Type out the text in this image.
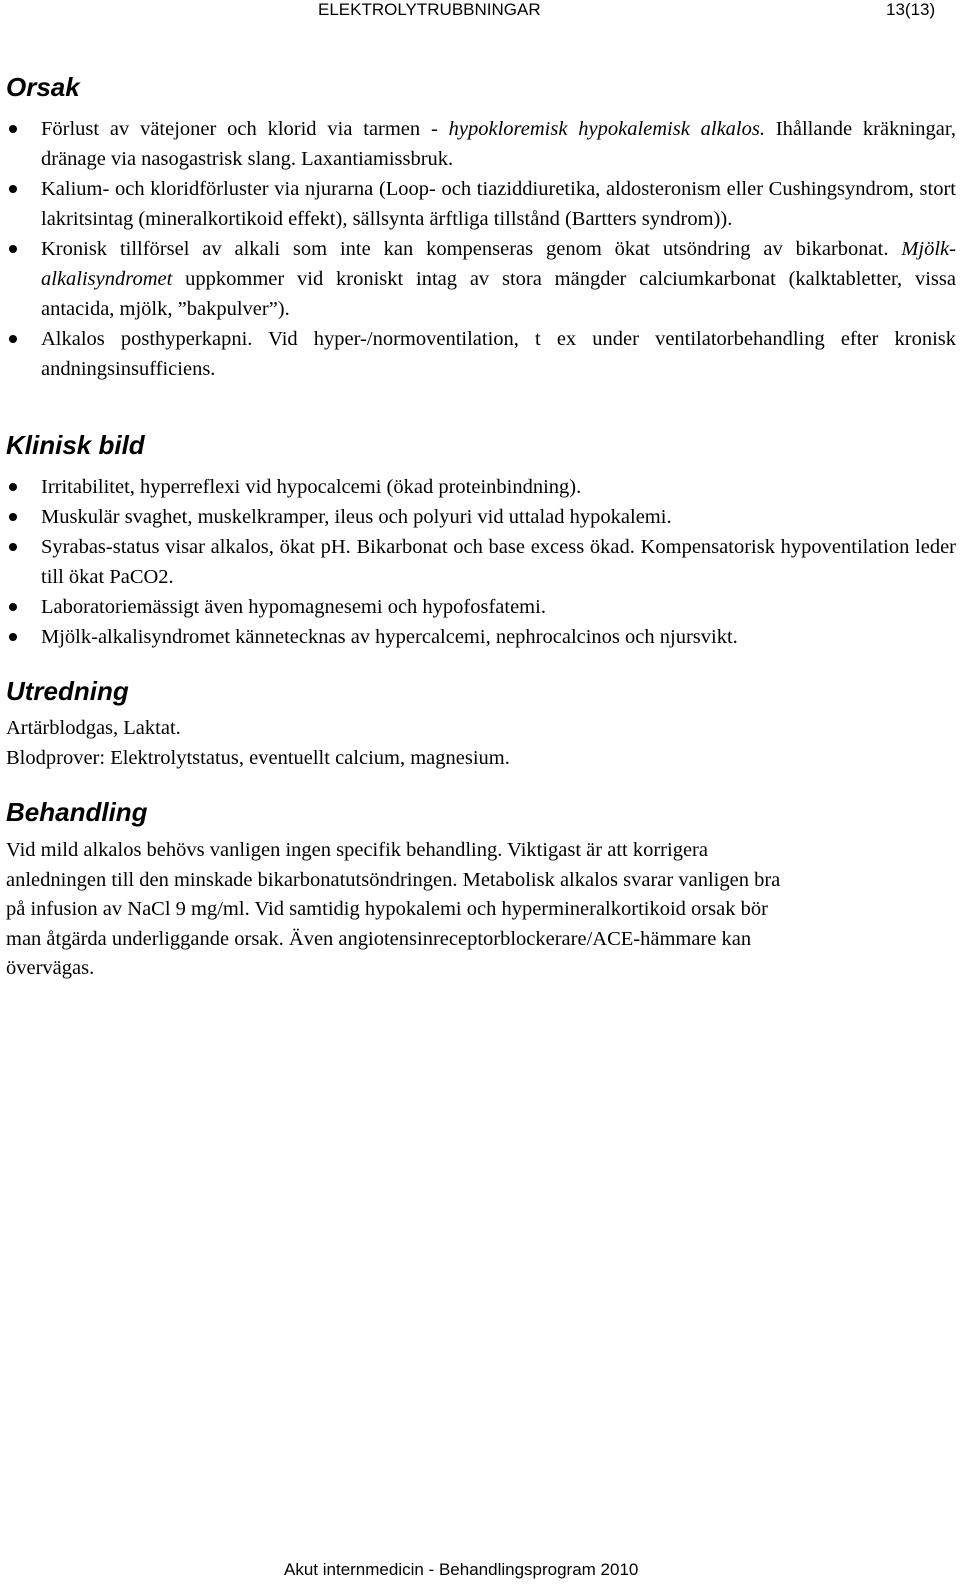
ELEKTROLYTRUBBNINGAR	13(13)
Orsak
Förlust av vätejoner och klorid via tarmen - hypokloremisk hypokalemisk alkalos. Ihållande kräkningar, dränage via nasogastrisk slang. Laxantiamissbruk.
Kalium- och kloridförluster via njurarna (Loop- och tiaziddiuretika, aldosteronism eller Cushingsyndrom, stort lakritsintag (mineralkortikoid effekt), sällsynta ärftliga tillstånd (Bartters syndrom)).
Kronisk tillförsel av alkali som inte kan kompenseras genom ökat utsöndring av bikarbonat. Mjölk-alkalisyndromet uppkommer vid kroniskt intag av stora mängder calciumkarbonat (kalktabletter, vissa antacida, mjölk, ”bakpulver”).
Alkalos posthyperkapni. Vid hyper-/normoventilation, t ex under ventilatorbehandling efter kronisk andningsinsufficiens.
Klinisk bild
Irritabilitet, hyperreflexi vid hypocalcemi (ökad proteinbindning).
Muskulär svaghet, muskelkramper, ileus och polyuri vid uttalad hypokalemi.
Syrabas-status visar alkalos, ökat pH. Bikarbonat och base excess ökad. Kompensatorisk hypoventilation leder till ökat PaCO2.
Laboratoriemässigt även hypomagnesemi och hypofosfatemi.
Mjölk-alkalisyndromet kännetecknas av hypercalcemi, nephrocalcinos och njursvikt.
Utredning

Artärblodgas, Laktat.
Blodprover: Elektrolytstatus, eventuellt calcium, magnesium.

Behandling

Vid mild alkalos behövs vanligen ingen specifik behandling. Viktigast är att korrigera
anledningen till den minskade bikarbonatutsöndringen. Metabolisk alkalos svarar vanligen bra
på infusion av NaCl 9 mg/ml. Vid samtidig hypokalemi och hypermineralkortikoid orsak bör
man åtgärda underliggande orsak. Även angiotensinreceptorblockerare/ACE-hämmare kan
övervägas.

Akut internmedicin - Behandlingsprogram 2010
